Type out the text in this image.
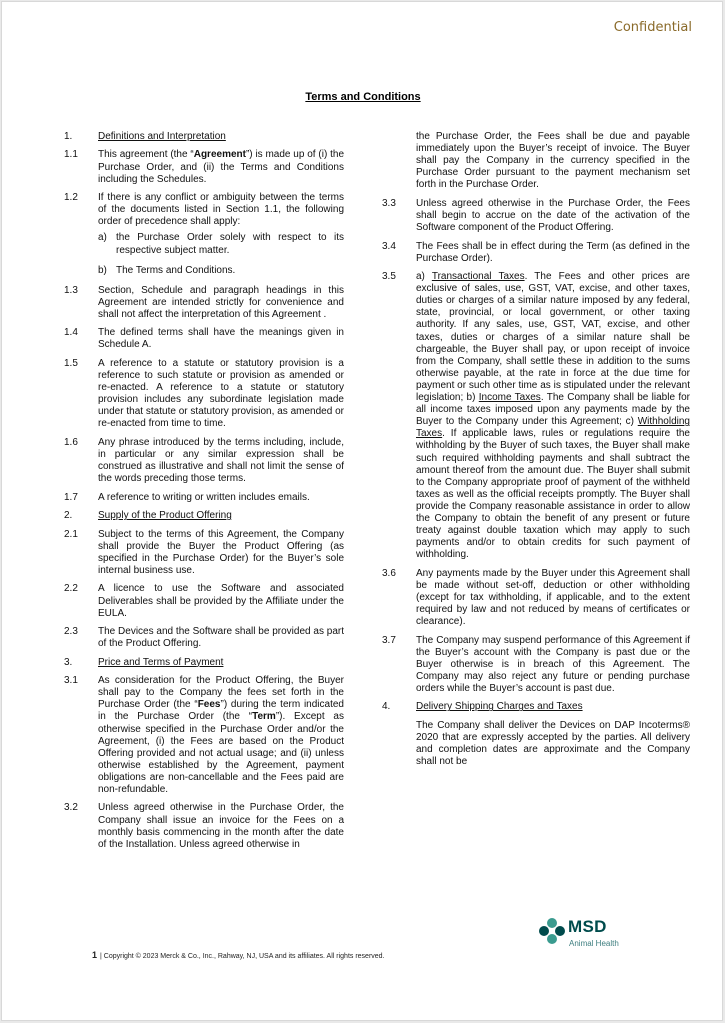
Confidential
Terms and Conditions
1.	Definitions and Interpretation
1.1	This agreement (the “Agreement”) is made up of (i) the Purchase Order, and (ii) the Terms and Conditions including the Schedules.
1.2	If there is any conflict or ambiguity between the terms of the documents listed in Section 1.1, the following order of precedence shall apply:
a) the Purchase Order solely with respect to its respective subject matter.
b) The Terms and Conditions.
1.3	Section, Schedule and paragraph headings in this Agreement are intended strictly for convenience and shall not affect the interpretation of this Agreement .
1.4	The defined terms shall have the meanings given in Schedule A.
1.5	A reference to a statute or statutory provision is a reference to such statute or provision as amended or re-enacted. A reference to a statute or statutory provision includes any subordinate legislation made under that statute or statutory provision, as amended or re-enacted from time to time.
1.6	Any phrase introduced by the terms including, include, in particular or any similar expression shall be construed as illustrative and shall not limit the sense of the words preceding those terms.
1.7	A reference to writing or written includes emails.
2.	Supply of the Product Offering
2.1	Subject to the terms of this Agreement, the Company shall provide the Buyer the Product Offering (as specified in the Purchase Order) for the Buyer’s sole internal business use.
2.2	A licence to use the Software and associated Deliverables shall be provided by the Affiliate under the EULA.
2.3	The Devices and the Software shall be provided as part of the Product Offering.
3.	Price and Terms of Payment
3.1	As consideration for the Product Offering, the Buyer shall pay to the Company the fees set forth in the Purchase Order (the “Fees”) during the term indicated in the Purchase Order (the “Term”). Except as otherwise specified in the Purchase Order and/or the Agreement, (i) the Fees are based on the Product Offering provided and not actual usage; and (ii) unless otherwise established by the Agreement, payment obligations are non-cancellable and the Fees paid are non-refundable.
3.2	Unless agreed otherwise in the Purchase Order, the Company shall issue an invoice for the Fees on a monthly basis commencing in the month after the date of the Installation. Unless agreed otherwise in
the Purchase Order, the Fees shall be due and payable immediately upon the Buyer’s receipt of invoice. The Buyer shall pay the Company in the currency specified in the Purchase Order pursuant to the payment mechanism set forth in the Purchase Order.
3.3	Unless agreed otherwise in the Purchase Order, the Fees shall begin to accrue on the date of the activation of the Software component of the Product Offering.
3.4	The Fees shall be in effect during the Term (as defined in the Purchase Order).
3.5	a) Transactional Taxes. The Fees and other prices are exclusive of sales, use, GST, VAT, excise, and other taxes, duties or charges of a similar nature imposed by any federal, state, provincial, or local government, or other taxing authority. If any sales, use, GST, VAT, excise, and other taxes, duties or charges of a similar nature shall be chargeable, the Buyer shall pay, or upon receipt of invoice from the Company, shall settle these in addition to the sums otherwise payable, at the rate in force at the due time for payment or such other time as is stipulated under the relevant legislation; b) Income Taxes. The Company shall be liable for all income taxes imposed upon any payments made by the Buyer to the Company under this Agreement; c) Withholding Taxes. If applicable laws, rules or regulations require the withholding by the Buyer of such taxes, the Buyer shall make such required withholding payments and shall subtract the amount thereof from the amount due. The Buyer shall submit to the Company appropriate proof of payment of the withheld taxes as well as the official receipts promptly. The Buyer shall provide the Company reasonable assistance in order to allow the Company to obtain the benefit of any present or future treaty against double taxation which may apply to such payments and/or to obtain credits for such payment of withholding.
3.6	Any payments made by the Buyer under this Agreement shall be made without set-off, deduction or other withholding (except for tax withholding, if applicable, and to the extent required by law and not reduced by means of certificates or clearance).
3.7	The Company may suspend performance of this Agreement if the Buyer’s account with the Company is past due or the Buyer otherwise is in breach of this Agreement. The Company may also reject any future or pending purchase orders while the Buyer’s account is past due.
4.	Delivery Shipping Charges and Taxes
The Company shall deliver the Devices on DAP Incoterms® 2020 that are expressly accepted by the parties. All delivery and completion dates are approximate and the Company shall not be
1 | Copyright © 2023 Merck & Co., Inc., Rahway, NJ, USA and its affiliates. All rights reserved.
MSD
Animal Health
